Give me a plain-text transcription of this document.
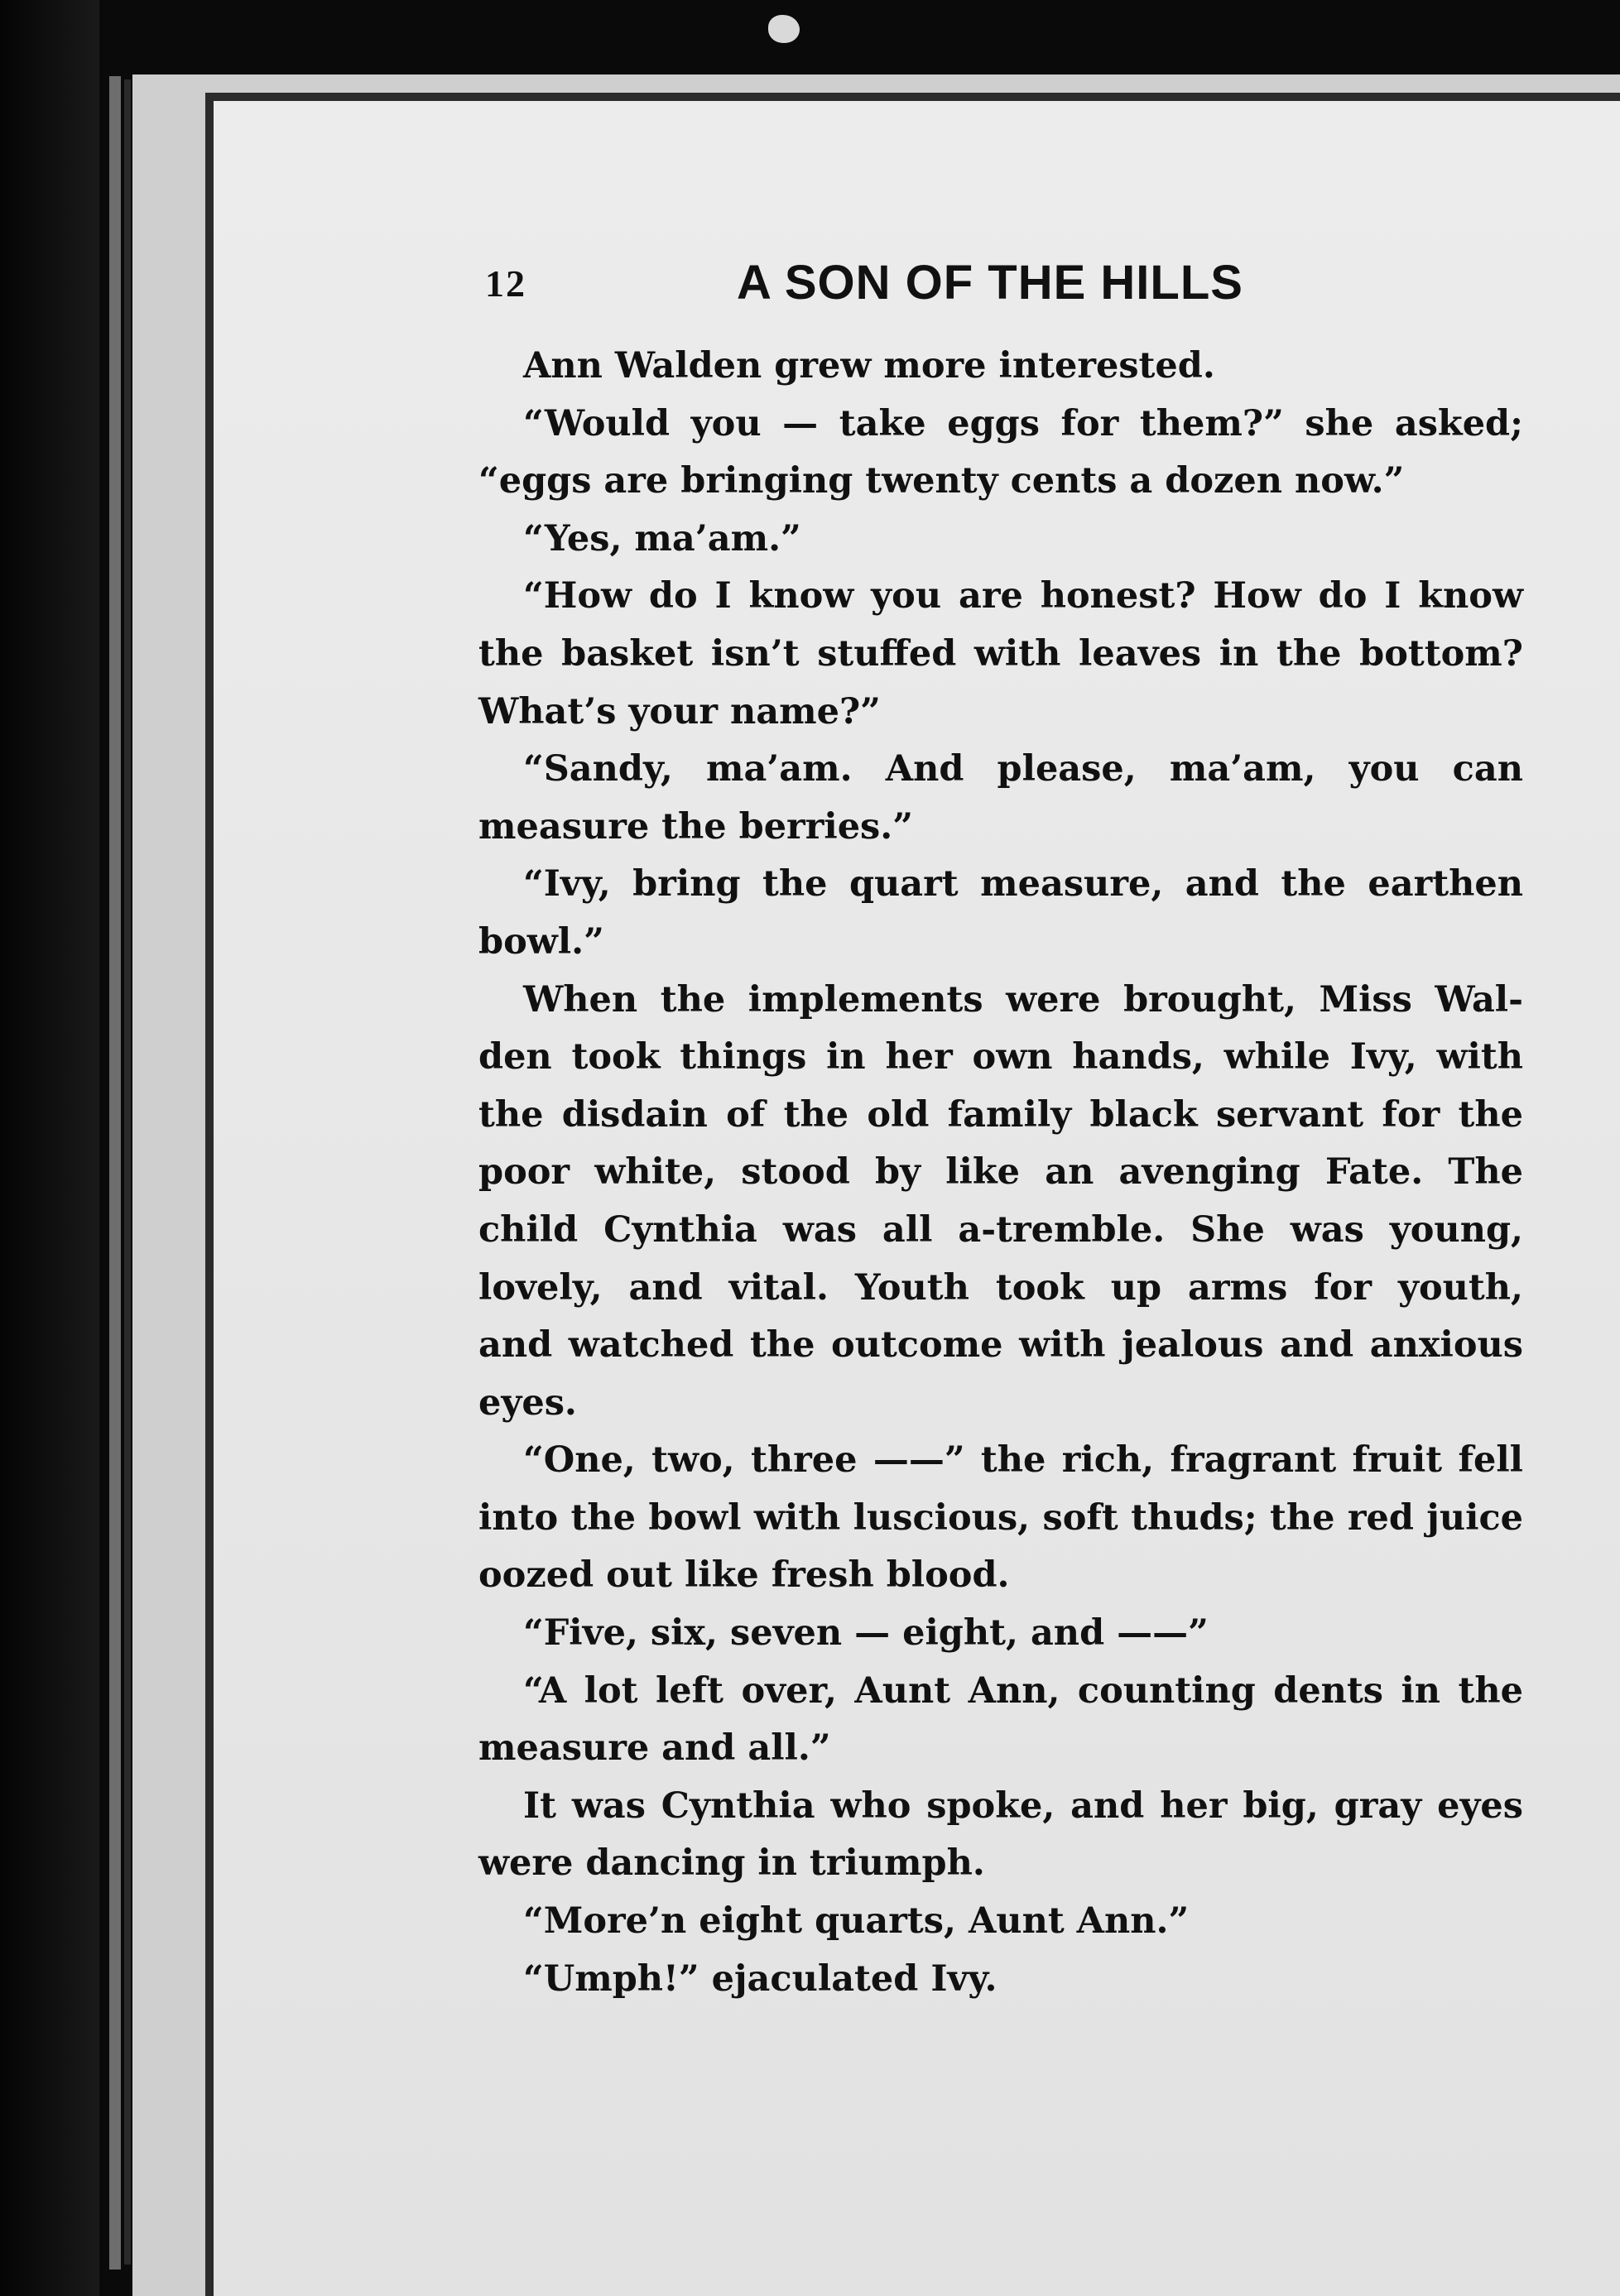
12	A SON OF THE HILLS
Ann Walden grew more interested.
“Would you — take eggs for them?” she asked;
“eggs are bringing twenty cents a dozen now.”
“Yes, ma’am.”
“How do I know you are honest? How do I know
the basket isn’t stuffed with leaves in the bottom?
What’s your name?”
“Sandy, ma’am. And please, ma’am, you can
measure the berries.”
“Ivy, bring the quart measure, and the earthen
bowl.”
When the implements were brought, Miss Wal-
den took things in her own hands, while Ivy, with
the disdain of the old family black servant for the
poor white, stood by like an avenging Fate. The
child Cynthia was all a-tremble. She was young,
lovely, and vital. Youth took up arms for youth,
and watched the outcome with jealous and anxious
eyes.
“One, two, three ——” the rich, fragrant fruit fell
into the bowl with luscious, soft thuds; the red juice
oozed out like fresh blood.
“Five, six, seven — eight, and ——”
“A lot left over, Aunt Ann, counting dents in the
measure and all.”
It was Cynthia who spoke, and her big, gray eyes
were dancing in triumph.
“More’n eight quarts, Aunt Ann.”
“Umph!” ejaculated Ivy.
